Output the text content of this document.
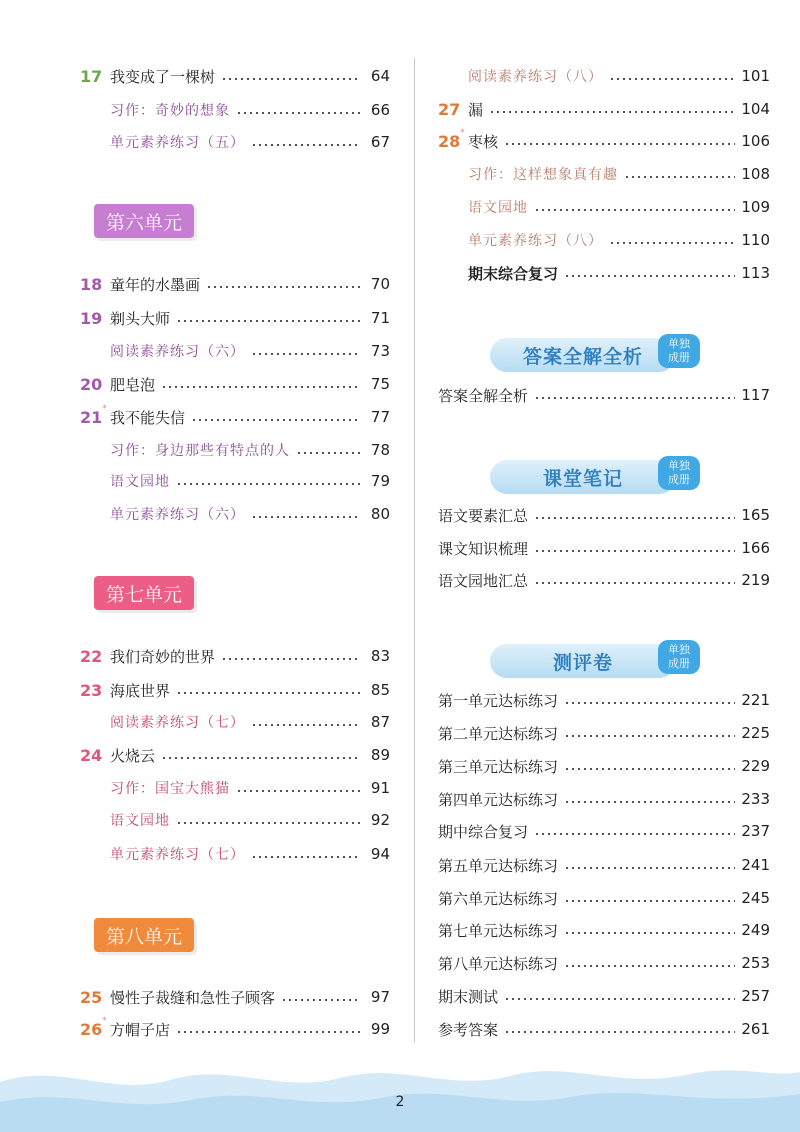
17 我变成了一棵树	64
习作：奇妙的想象	66
单元素养练习（五）	67
第六单元
18 童年的水墨画	70
19 剃头大师	71
阅读素养练习（六）	73
20 肥皂泡	75
21 * 我不能失信	77
习作：身边那些有特点的人	78
语文园地	79
单元素养练习（六）	80
第七单元
22 我们奇妙的世界	83
23 海底世界	85
阅读素养练习（七）	87
24 火烧云	89
习作：国宝大熊猫	91
语文园地	92
单元素养练习（七）	94
第八单元
25 慢性子裁缝和急性子顾客	97
26 * 方帽子店	99
阅读素养练习（八）	101
27 漏	104
28 * 枣核	106
习作：这样想象真有趣	108
语文园地	109
单元素养练习（八）	110
期末综合复习	113
答案全解全析
单独
成册
答案全解全析	117
课堂笔记
单独
成册
语文要素汇总	165
课文知识梳理	166
语文园地汇总	219
测评卷
单独
成册
第一单元达标练习	221
第二单元达标练习	225
第三单元达标练习	229
第四单元达标练习	233
期中综合复习	237
第五单元达标练习	241
第六单元达标练习	245
第七单元达标练习	249
第八单元达标练习	253
期末测试	257
参考答案	261
2
